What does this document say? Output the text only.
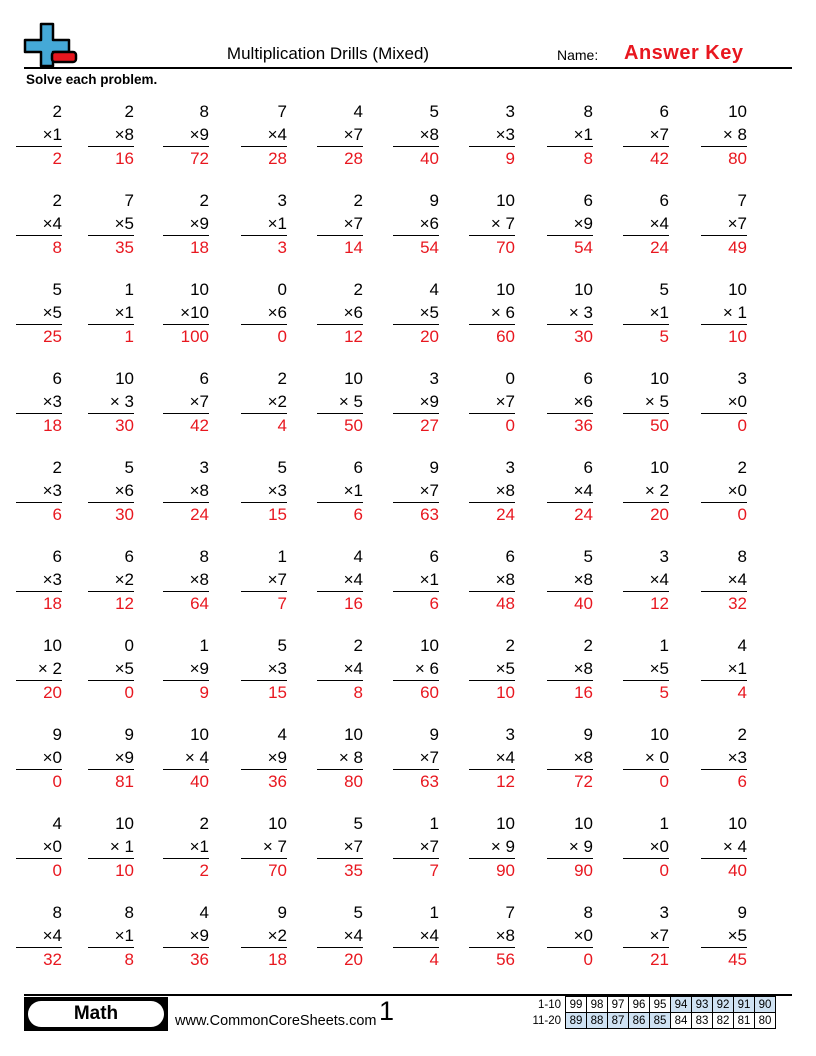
Multiplication Drills (Mixed)	Name: Answer Key
Solve each problem.
2
×1
2
2
×8
16
8
×9
72
7
×4
28
4
×7
28
5
×8
40
3
×3
9
8
×1
8
6
×7
42
10
× 8
80
2
×4
8
7
×5
35
2
×9
18
3
×1
3
2
×7
14
9
×6
54
10
× 7
70
6
×9
54
6
×4
24
7
×7
49
5
×5
25
1
×1
1
10
×10
100
0
×6
0
2
×6
12
4
×5
20
10
× 6
60
10
× 3
30
5
×1
5
10
× 1
10
6
×3
18
10
× 3
30
6
×7
42
2
×2
4
10
× 5
50
3
×9
27
0
×7
0
6
×6
36
10
× 5
50
3
×0
0
2
×3
6
5
×6
30
3
×8
24
5
×3
15
6
×1
6
9
×7
63
3
×8
24
6
×4
24
10
× 2
20
2
×0
0
6
×3
18
6
×2
12
8
×8
64
1
×7
7
4
×4
16
6
×1
6
6
×8
48
5
×8
40
3
×4
12
8
×4
32
10
× 2
20
0
×5
0
1
×9
9
5
×3
15
2
×4
8
10
× 6
60
2
×5
10
2
×8
16
1
×5
5
4
×1
4
9
×0
0
9
×9
81
10
× 4
40
4
×9
36
10
× 8
80
9
×7
63
3
×4
12
9
×8
72
10
× 0
0
2
×3
6
4
×0
0
10
× 1
10
2
×1
2
10
× 7
70
5
×7
35
1
×7
7
10
× 9
90
10
× 9
90
1
×0
0
10
× 4
40
8
×4
32
8
×1
8
4
×9
36
9
×2
18
5
×4
20
1
×4
4
7
×8
56
8
×0
0
3
×7
21
9
×5
45
Math	www.CommonCoreSheets.com 1	1-10	99	98	97	96	95	94	93	92	91	90
11-20	89	88	87	86	85	84	83	82	81	80
